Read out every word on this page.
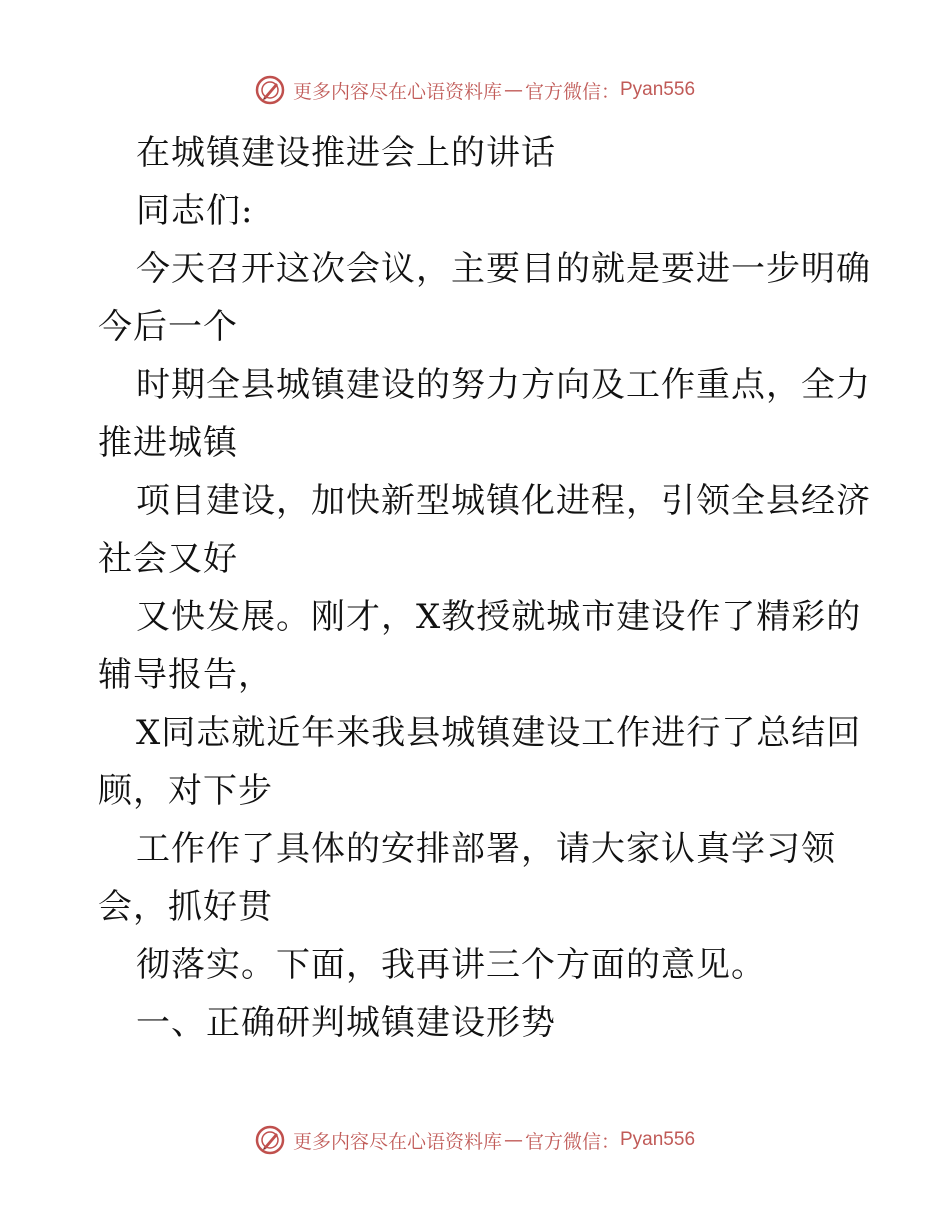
更多内容尽在心语资料库 — 官方微信： Pyan556
在城镇建设推进会上的讲话
同志们:
今天召开这次会议，主要目的就是要进一步明确
今后一个
时期全县城镇建设的努力方向及工作重点，全力
推进城镇
项目建设，加快新型城镇化进程，引领全县经济
社会又好
又快发展。刚才，X教授就城市建设作了精彩的
辅导报告，
X同志就近年来我县城镇建设工作进行了总结回
顾，对下步
工作作了具体的安排部署，请大家认真学习领
会，抓好贯
彻落实。下面，我再讲三个方面的意见。
一、正确研判城镇建设形势
更多内容尽在心语资料库 — 官方微信： Pyan556
